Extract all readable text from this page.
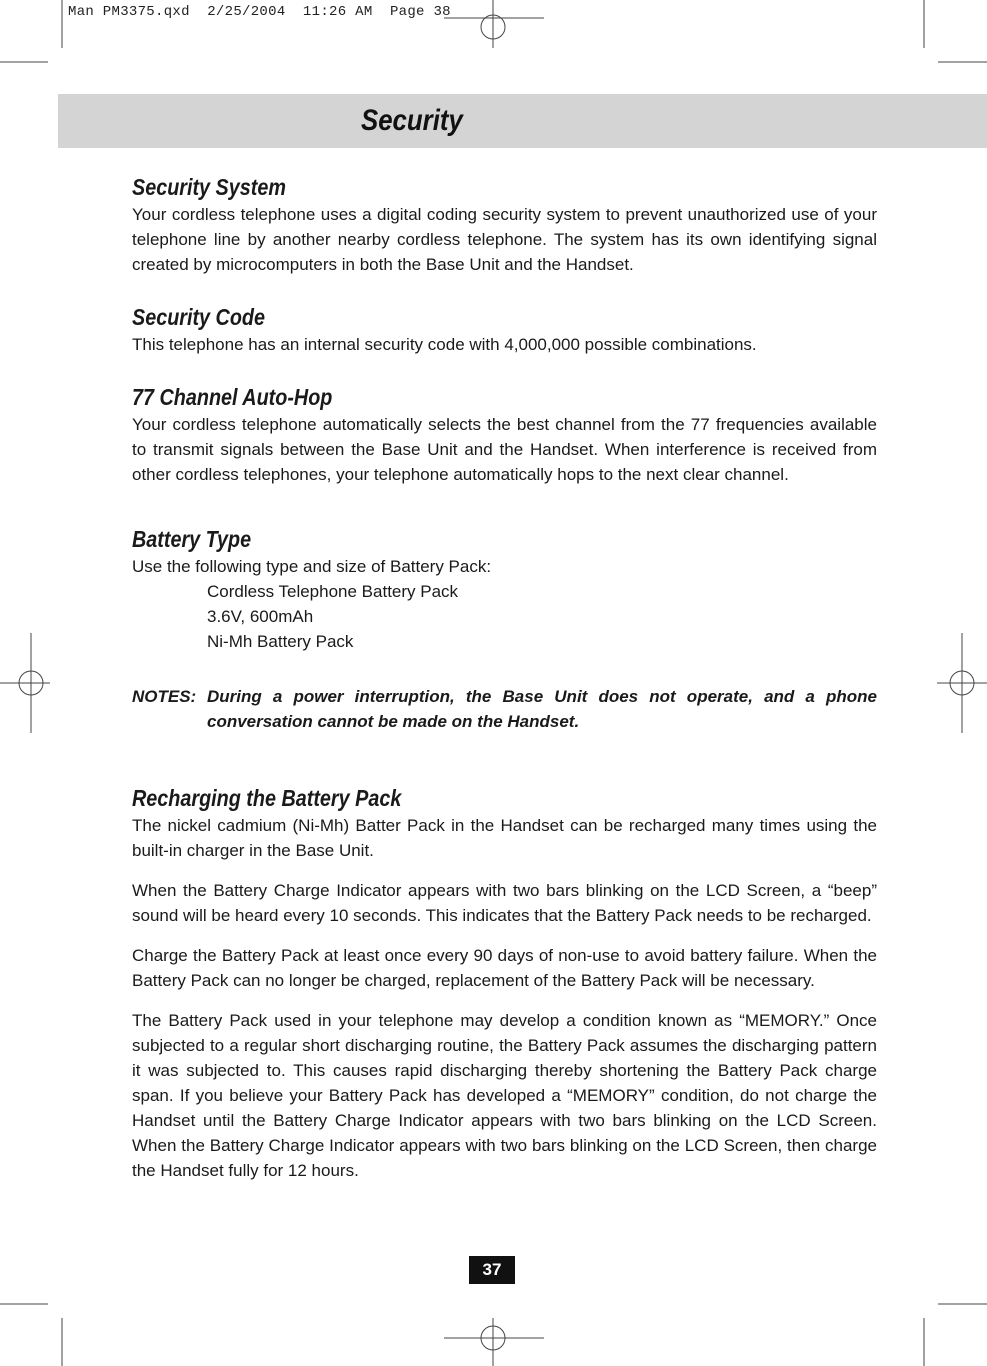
Man PM3375.qxd  2/25/2004  11:26 AM  Page 38
Security
Security System

Your cordless telephone uses a digital coding security system to prevent unauthorized use of your telephone line by another nearby cordless telephone. The system has its own identifying signal created by microcomputers in both the Base Unit and the Handset.

Security Code

This telephone has an internal security code with 4,000,000 possible combinations.

77 Channel Auto-Hop

Your cordless telephone automatically selects the best channel from the 77 frequencies available to transmit signals between the Base Unit and the Handset. When interference is received from other cordless telephones, your telephone automatically hops to the next clear channel.

Battery Type

Use the following type and size of Battery Pack:

Cordless Telephone Battery Pack
3.6V, 600mAh
Ni-Mh Battery Pack
NOTES: During a power interruption, the Base Unit does not operate, and a phone conversation cannot be made on the Handset.
Recharging the Battery Pack

The nickel cadmium (Ni-Mh) Batter Pack in the Handset can be recharged many times using the built-in charger in the Base Unit.

When the Battery Charge Indicator appears with two bars blinking on the LCD Screen, a “beep” sound will be heard every 10 seconds. This indicates that the Battery Pack needs to be recharged.

Charge the Battery Pack at least once every 90 days of non-use to avoid battery failure. When the Battery Pack can no longer be charged, replacement of the Battery Pack will be necessary.

The Battery Pack used in your telephone may develop a condition known as “MEMORY.” Once subjected to a regular short discharging routine, the Battery Pack assumes the discharging pattern it was subjected to. This causes rapid discharging thereby shortening the Battery Pack charge span. If you believe your Battery Pack has developed a “MEMORY” condition, do not charge the Handset until the Battery Charge Indicator appears with two bars blinking on the LCD Screen. When the Battery Charge Indicator appears with two bars blinking on the LCD Screen, then charge the Handset fully for 12 hours.

37
